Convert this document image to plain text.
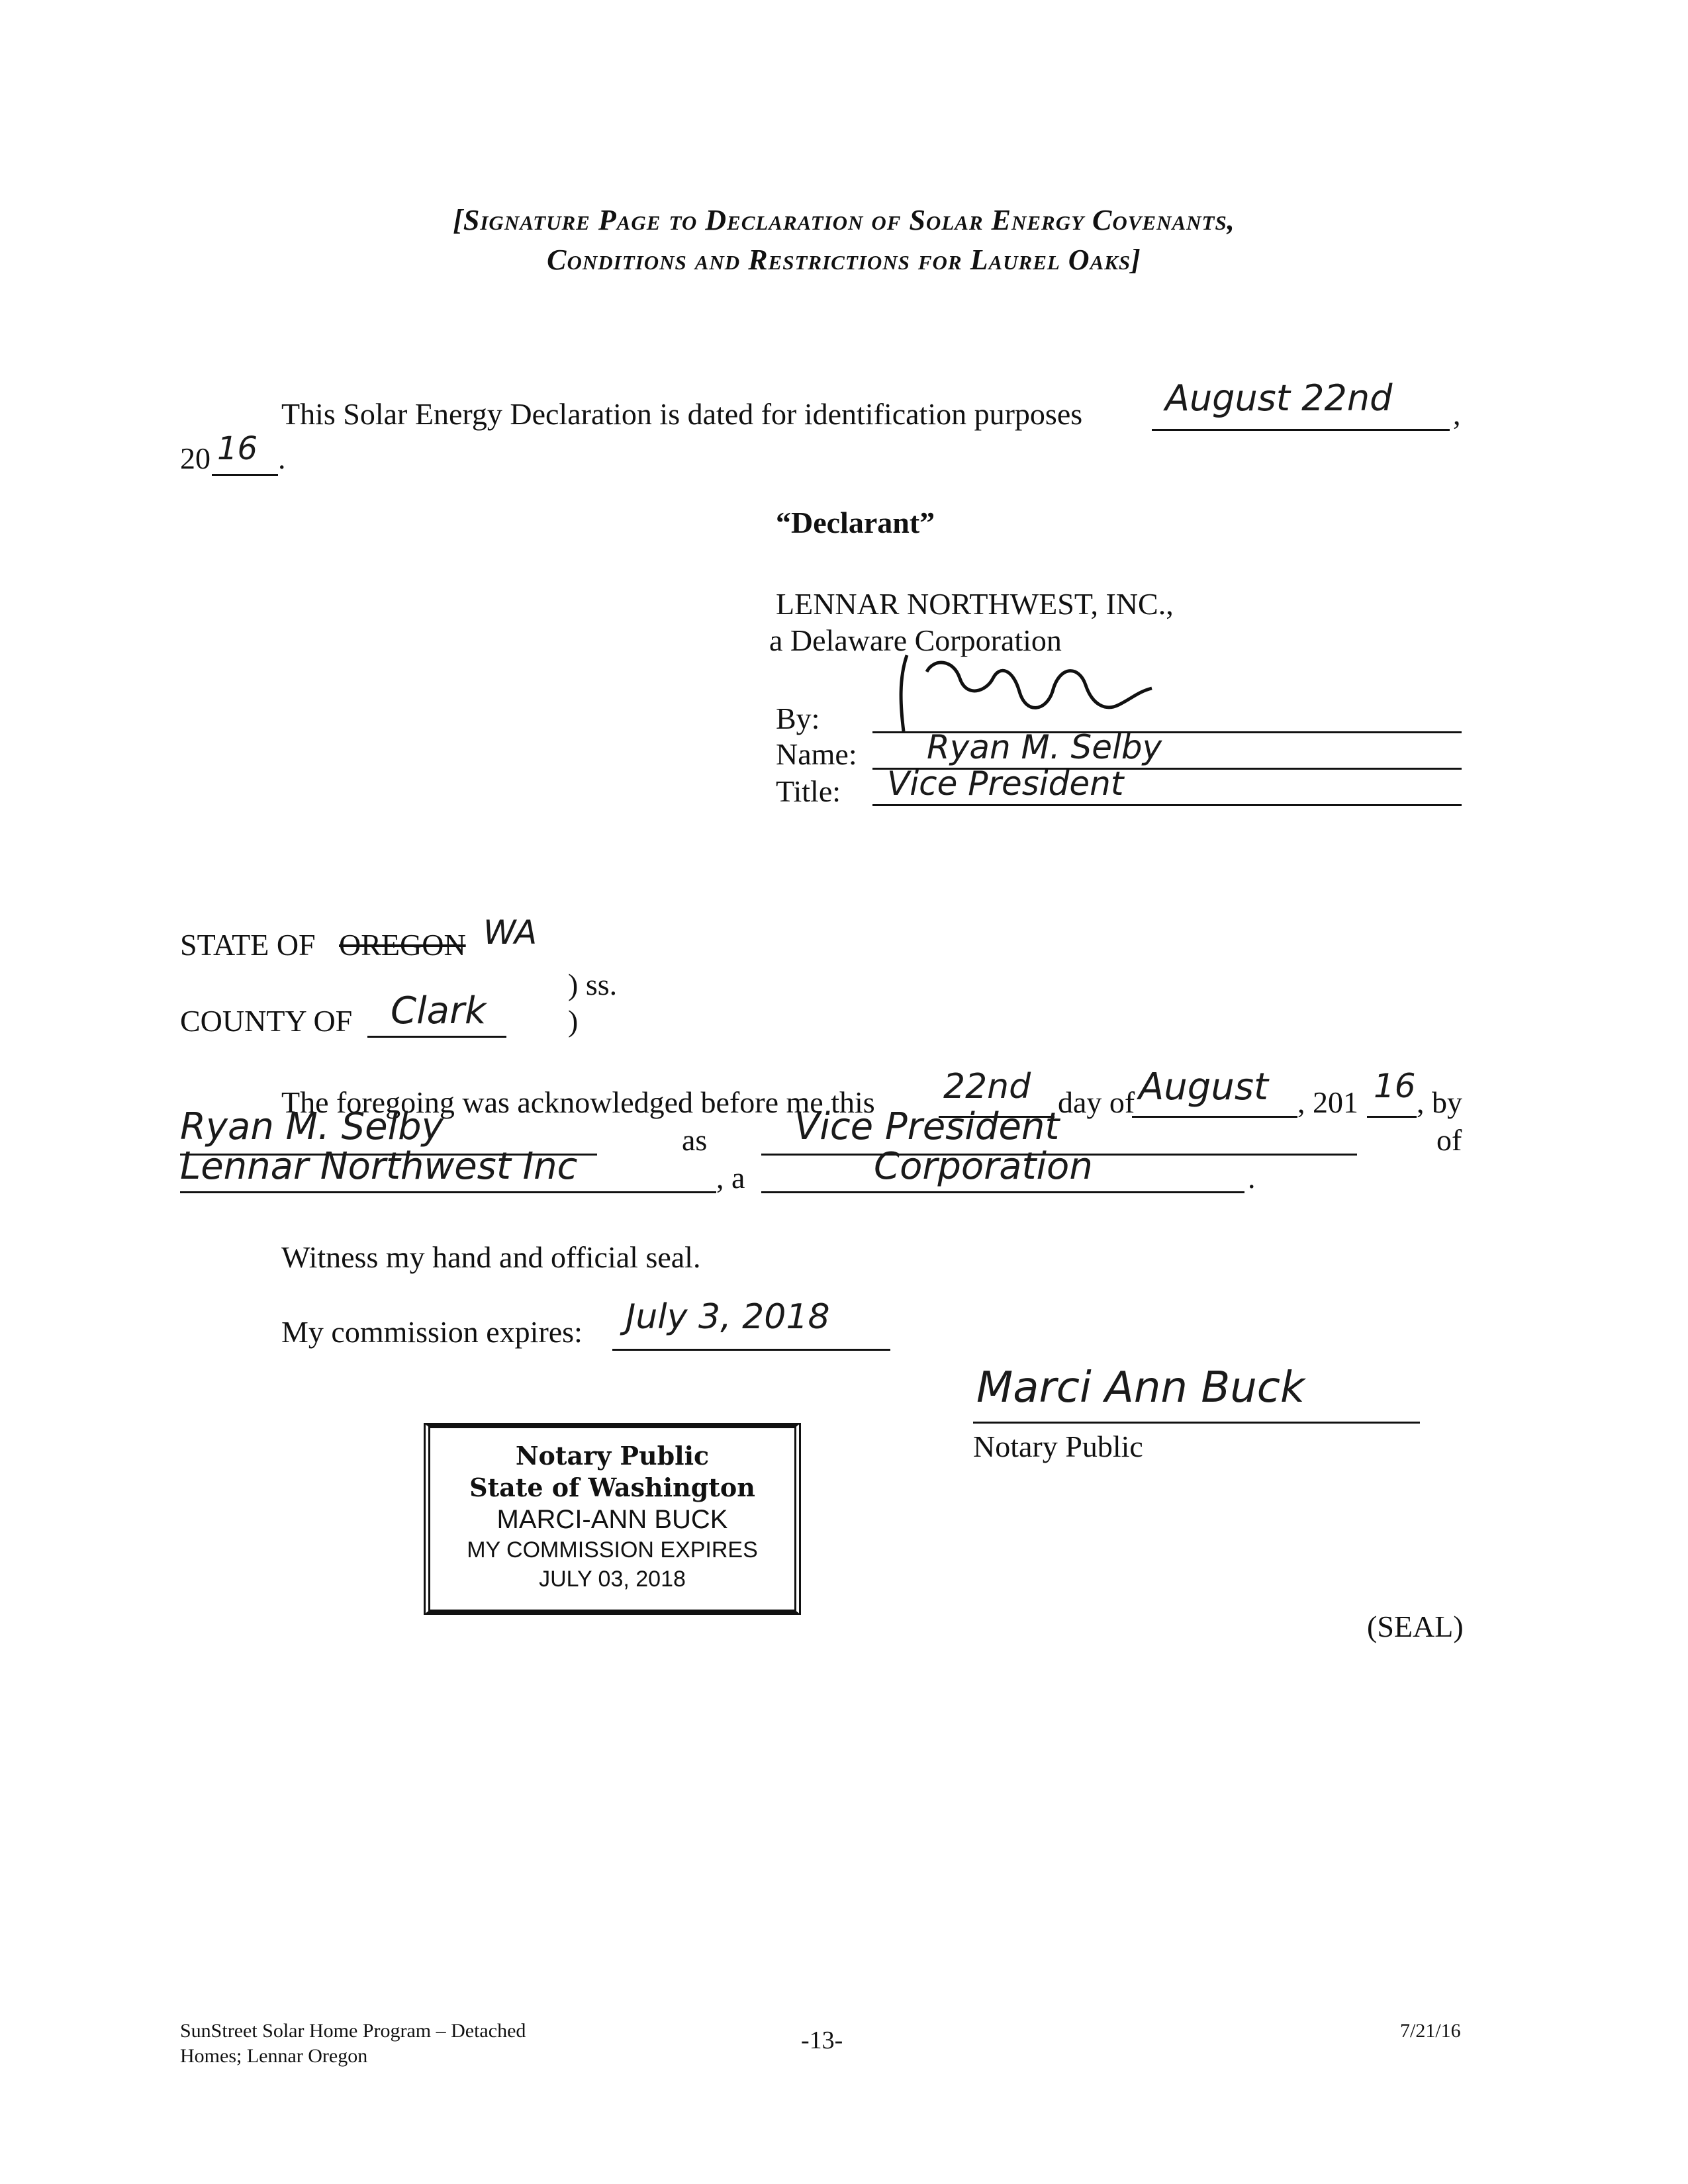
[Signature Page to Declaration of Solar Energy Covenants,
Conditions and Restrictions for Laurel Oaks]
This Solar Energy Declaration is dated for identification purposes August 22nd ,
20 16 .
“Declarant”
LENNAR NORTHWEST, INC.,
a Delaware Corporation
By:
Name: Ryan M. Selby
Title: Vice President
STATE OF OREGON WA
) ss.
COUNTY OF Clark	)
The foregoing was acknowledged before me this 22nd day of August , 201 16 , by
Ryan M. Selby	as Vice President	of
Lennar Northwest Inc	, a	Corporation	.
Witness my hand and official seal.
My commission expires: July 3, 2018
Marci Ann Buck
Notary Public
Notary Public
State of Washington
MARCI-ANN BUCK
MY COMMISSION EXPIRES
JULY 03, 2018
(SEAL)
SunStreet Solar Home Program – Detached
Homes; Lennar Oregon
-13-	7/21/16
